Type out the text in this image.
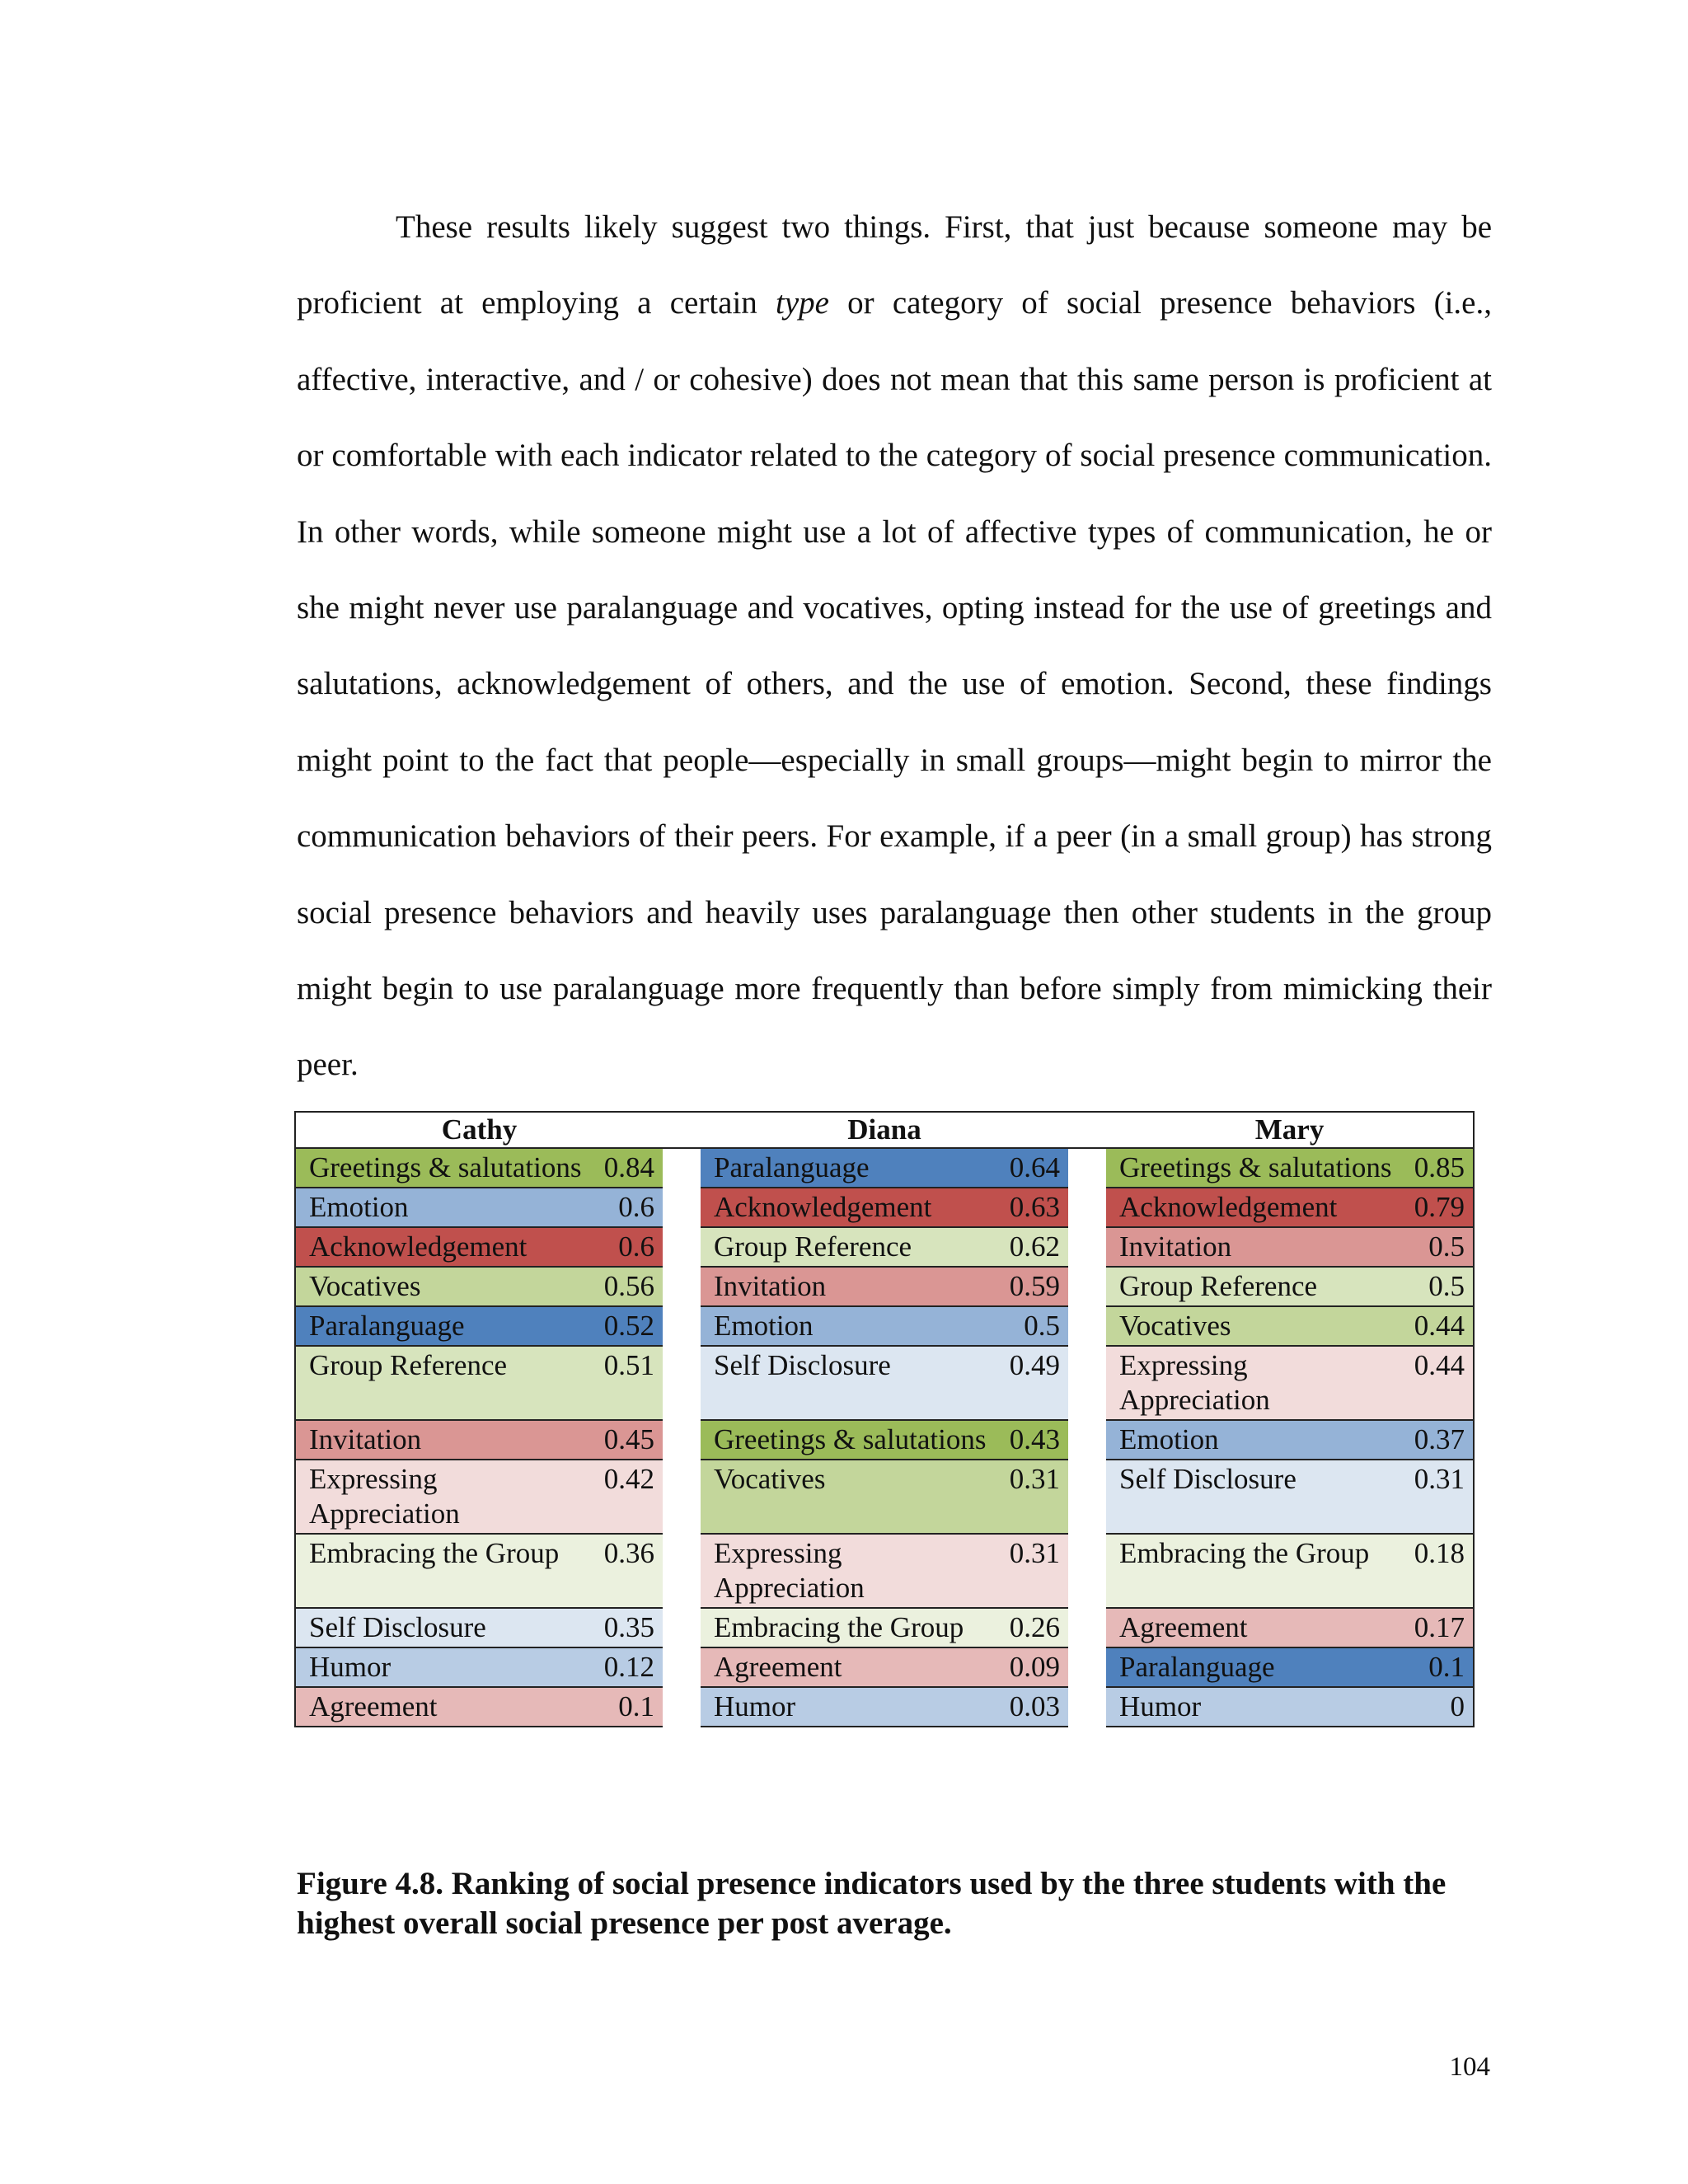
These results likely suggest two things. First, that just because someone may be proficient at employing a certain type or category of social presence behaviors (i.e., affective, interactive, and / or cohesive) does not mean that this same person is proficient at or comfortable with each indicator related to the category of social presence communication. In other words, while someone might use a lot of affective types of communication, he or she might never use paralanguage and vocatives, opting instead for the use of greetings and salutations, acknowledgement of others, and the use of emotion. Second, these findings might point to the fact that people—especially in small groups—might begin to mirror the communication behaviors of their peers. For example, if a peer (in a small group) has strong social presence behaviors and heavily uses paralanguage then other students in the group might begin to use paralanguage more frequently than before simply from mimicking their peer.

Cathy		Diana				Mary	
Greetings & salutations	0.84		Paralanguage	0.64		Greetings & salutations	0.85
Emotion	0.6		Acknowledgement	0.63		Acknowledgement	0.79
Acknowledgement	0.6		Group Reference	0.62		Invitation	0.5
Vocatives	0.56		Invitation	0.59		Group Reference	0.5
Paralanguage	0.52		Emotion	0.5		Vocatives	0.44
Group Reference	0.51		Self Disclosure	0.49		Expressing Appreciation	0.44
Invitation	0.45		Greetings & salutations	0.43		Emotion	0.37
Expressing Appreciation	0.42		Vocatives	0.31		Self Disclosure	0.31
Embracing the Group	0.36		Expressing Appreciation	0.31		Embracing the Group	0.18
Self Disclosure	0.35		Embracing the Group	0.26		Agreement	0.17
Humor	0.12		Agreement	0.09		Paralanguage	0.1
Agreement	0.1		Humor	0.03		Humor	0

Figure 4.8. Ranking of social presence indicators used by the three students with the highest overall social presence per post average.

104
